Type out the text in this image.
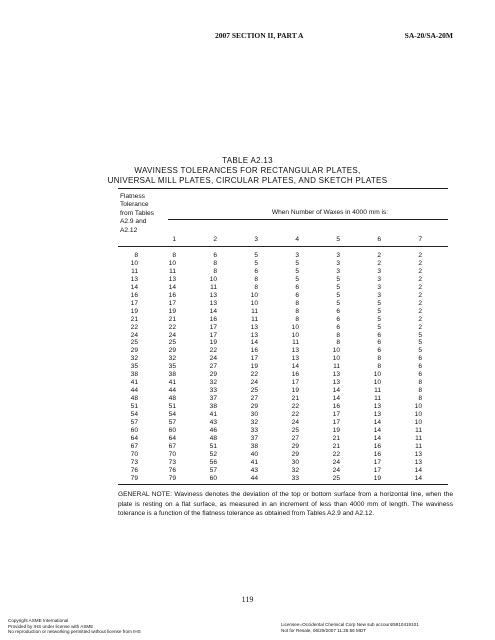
2007 SECTION II, PART A	SA-20/SA-20M
TABLE A2.13
WAVINESS TOLERANCES FOR RECTANGULAR PLATES,
UNIVERSAL MILL PLATES, CIRCULAR PLATES, AND SKETCH PLATES
Flatness
Tolerance
from Tables
A2.9 and
A2.12
When Number of Waxes in 4000 mm is:
1	2	3	4	5	6	7
8	8	6	5	3	3	2	2
10	10	8	5	5	3	2	2
11	11	8	6	5	3	3	2
13	13	10	8	5	5	3	2
14	14	11	8	6	5	3	2
16	16	13	10	6	5	3	2
17	17	13	10	8	5	5	2
19	19	14	11	8	6	5	2
21	21	16	11	8	6	5	2
22	22	17	13	10	6	5	2
24	24	17	13	10	8	6	5
25	25	19	14	11	8	6	5
29	29	22	16	13	10	6	5
32	32	24	17	13	10	8	6
35	35	27	19	14	11	8	6
38	38	29	22	16	13	10	6
41	41	32	24	17	13	10	8
44	44	33	25	19	14	11	8
48	48	37	27	21	14	11	8
51	51	38	29	22	16	13	10
54	54	41	30	22	17	13	10
57	57	43	32	24	17	14	10
60	60	46	33	25	19	14	11
64	64	48	37	27	21	14	11
67	67	51	38	29	21	16	11
70	70	52	40	29	22	16	13
73	73	56	41	30	24	17	13
76	76	57	43	32	24	17	14
79	79	60	44	33	25	19	14
GENERAL NOTE: Waviness denotes the deviation of the top or bottom surface from a horizontal line, when the plate is resting on a flat surface, as measured in an increment of less than 4000 mm of length. The waviness tolerance is a function of the flatness tolerance as obtained from Tables A2.9 and A2.12.
119
Copyright ASME International
Provided by IHS under license with ASME
No reproduction or networking permitted without license from IHS
Licensee=Occidental Chemical Corp New sub account/5910419101
Not for Resale, 06/29/2007 11:25:56 MDT
